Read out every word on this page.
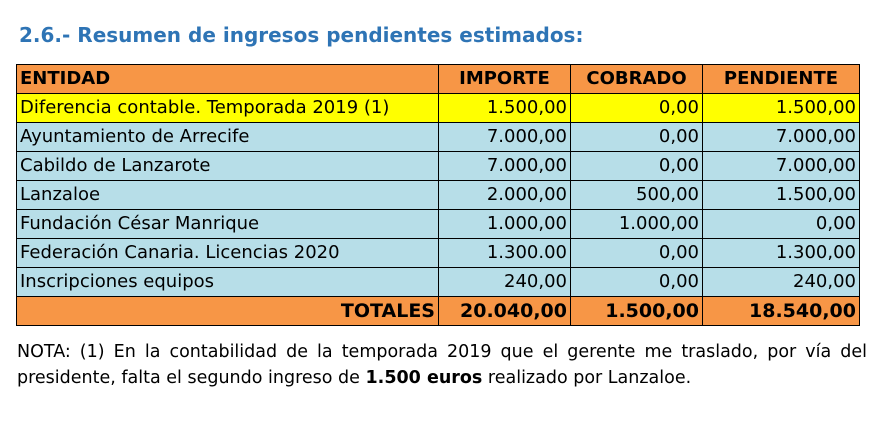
2.6.- Resumen de ingresos pendientes estimados:
ENTIDAD	IMPORTE	COBRADO	PENDIENTE
Diferencia contable. Temporada 2019 (1)	1.500,00	0,00	1.500,00
Ayuntamiento de Arrecife	7.000,00	0,00	7.000,00
Cabildo de Lanzarote	7.000,00	0,00	7.000,00
Lanzaloe	2.000,00	500,00	1.500,00
Fundación César Manrique	1.000,00	1.000,00	0,00
Federación Canaria. Licencias 2020	1.300.00	0,00	1.300,00
Inscripciones equipos	240,00	0,00	240,00
TOTALES	20.040,00	1.500,00	18.540,00
NOTA: (1) En la contabilidad de la temporada 2019 que el gerente me traslado, por vía del presidente, falta el segundo ingreso de 1.500 euros realizado por Lanzaloe.
